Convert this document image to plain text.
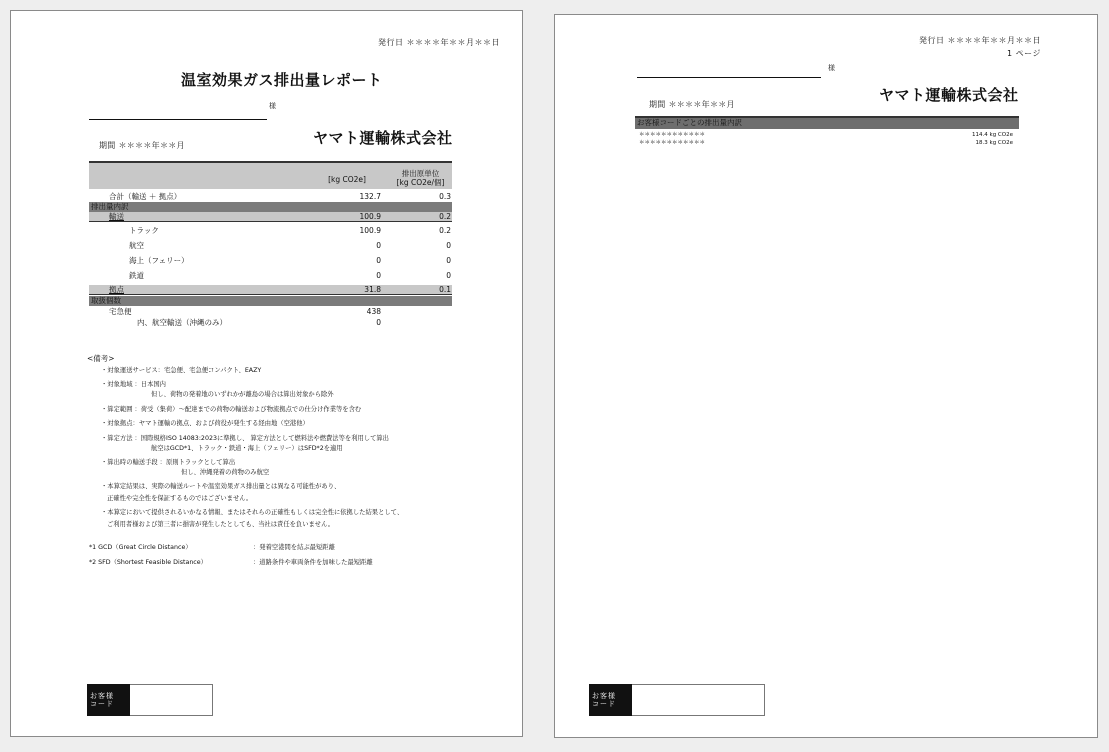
発行日 ＊＊＊＊年＊＊月＊＊日
温室効果ガス排出量レポート
様
ヤマト運輸株式会社
期間 ＊＊＊＊年＊＊月
[kg CO2e]
排出原単位
[kg CO2e/個]
合計（輸送 ＋ 拠点）	132.7	0.3
排出量内訳
輸送	100.9	0.2
トラック	100.9	0.2
航空	0	0
海上（フェリー）	0	0
鉄道	0	0
拠点	31.8	0.1
取扱個数
宅急便	438
内、航空輸送（沖縄のみ）	0
<備考>
・対象運送サービス：宅急便、宅急便コンパクト、EAZY
・対象地域 ：日本国内
但し、荷物の発着地のいずれかが離島の場合は算出対象から除外
・算定範囲 ：荷受（集荷）～配達までの荷物の輸送および物流拠点での仕分け作業等を含む
・対象拠点：ヤマト運輸の拠点、および荷役が発生する経由地（空港他）
・算定方法 ：国際規格ISO 14083:2023に準拠し、 算定方法として燃料法や燃費法等を利用して算出
航空はGCD*1、トラック・鉄道・海上（フェリー）はSFD*2を適用
・算出時の輸送手段 ：原則トラックとして算出
但し、沖縄発着の荷物のみ航空
・本算定結果は、実際の輸送ルートや温室効果ガス排出量とは異なる可能性があり、
正確性や完全性を保証するものではございません。
・本算定において提供されるいかなる情報、またはそれらの正確性もしくは完全性に依拠した結果として、
ご利用者様および第三者に損害が発生したとしても、当社は責任を負いません。
*1 GCD（Great Circle Distance）	：発着空港間を結ぶ最短距離
*2 SFD（Shortest Feasible Distance）	：道路条件や車両条件を加味した最短距離
お客様
コード
発行日 ＊＊＊＊年＊＊月＊＊日
1 ページ
様
ヤマト運輸株式会社
期間 ＊＊＊＊年＊＊月
お客様コードごとの排出量内訳
＊＊＊＊＊＊＊＊＊＊＊＊	114.4 kg CO2e
＊＊＊＊＊＊＊＊＊＊＊＊	18.3 kg CO2e
お客様
コード
